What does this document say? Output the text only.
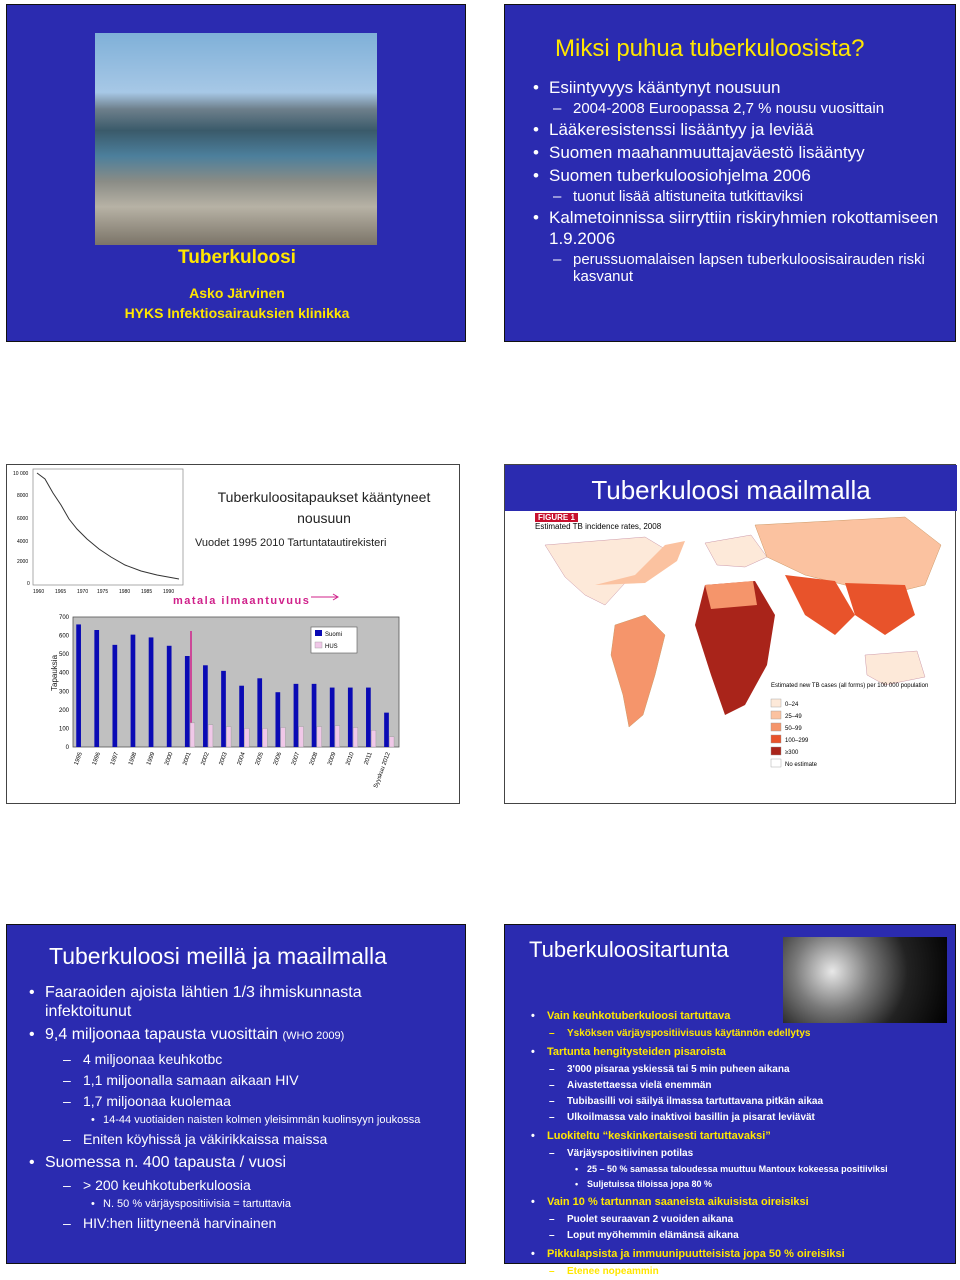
Tuberkuloosi
Asko Järvinen
HYKS Infektiosairauksien klinikka
Miksi puhua tuberkuloosista?
• Esiintyvyys kääntynyt nousuun
– 2004-2008 Euroopassa 2,7 % nousu vuosittain
• Lääkeresistenssi lisääntyy ja leviää
• Suomen maahanmuuttajaväestö lisääntyy
• Suomen tuberkuloosiohjelma 2006
– tuonut lisää altistuneita tutkittaviksi
• Kalmetoinnissa siirryttiin riskiryhmien rokottamiseen 1.9.2006
– perussuomalaisen lapsen tuberkuloosisairauden riski kasvanut
10 000
8000
6000
4000
2000
0
1960 1965 1970 1975 1980 1985 1990
Tapauksia
700
600
500
400
300
200
100
0
1995 1996 1997 1998 1999 2000 2001 2002 2003 2004 2005 2006 2007 2008 2009 2010 2011 Syyskuu 2012
Suomi
HUS
Tuberkuloositapaukset kääntyneet nousuun
Vuodet 1995 2010 Tartuntatautirekisteri
matala ilmaantuvuus
Tuberkuloosi maailmalla
FIGURE 1
Estimated TB incidence rates, 2008
Estimated new TB cases (all forms) per 100 000 population
0–24
25–49
50–99
100–299
≥300
No estimate
Tuberkuloosi meillä ja maailmalla
• Faaraoiden ajoista lähtien 1/3 ihmiskunnasta infektoitunut
• 9,4 miljoonaa tapausta vuosittain (WHO 2009)
– 4 miljoonaa keuhkotbc
– 1,1 miljoonalla samaan aikaan HIV
– 1,7 miljoonaa kuolemaa
• 14-44 vuotiaiden naisten kolmen yleisimmän kuolinsyyn joukossa
– Eniten köyhissä ja väkirikkaissa maissa
• Suomessa n. 400 tapausta / vuosi
– > 200 keuhkotuberkuloosia
• N. 50 % värjäyspositiivisia = tartuttavia
– HIV:hen liittyneenä harvinainen
Tuberkuloositartunta
• Vain keuhkotuberkuloosi tartuttava
– Ysköksen värjäyspositiivisuus käytännön edellytys
• Tartunta hengitysteiden pisaroista
– 3'000 pisaraa yskiessä tai 5 min puheen aikana
– Aivastettaessa vielä enemmän
– Tubibasilli voi säilyä ilmassa tartuttavana pitkän aikaa
– Ulkoilmassa valo inaktivoi basillin ja pisarat leviävät
• Luokiteltu “keskinkertaisesti tartuttavaksi”
– Värjäyspositiivinen potilas
• 25 – 50 % samassa taloudessa muuttuu Mantoux kokeessa positiiviksi
• Suljetuissa tiloissa jopa 80 %
• Vain 10 % tartunnan saaneista aikuisista oireisiksi
– Puolet seuraavan 2 vuoiden aikana
– Loput myöhemmin elämänsä aikana
• Pikkulapsista ja immuunipuutteisista jopa 50 % oireisiksi
– Etenee nopeammin
